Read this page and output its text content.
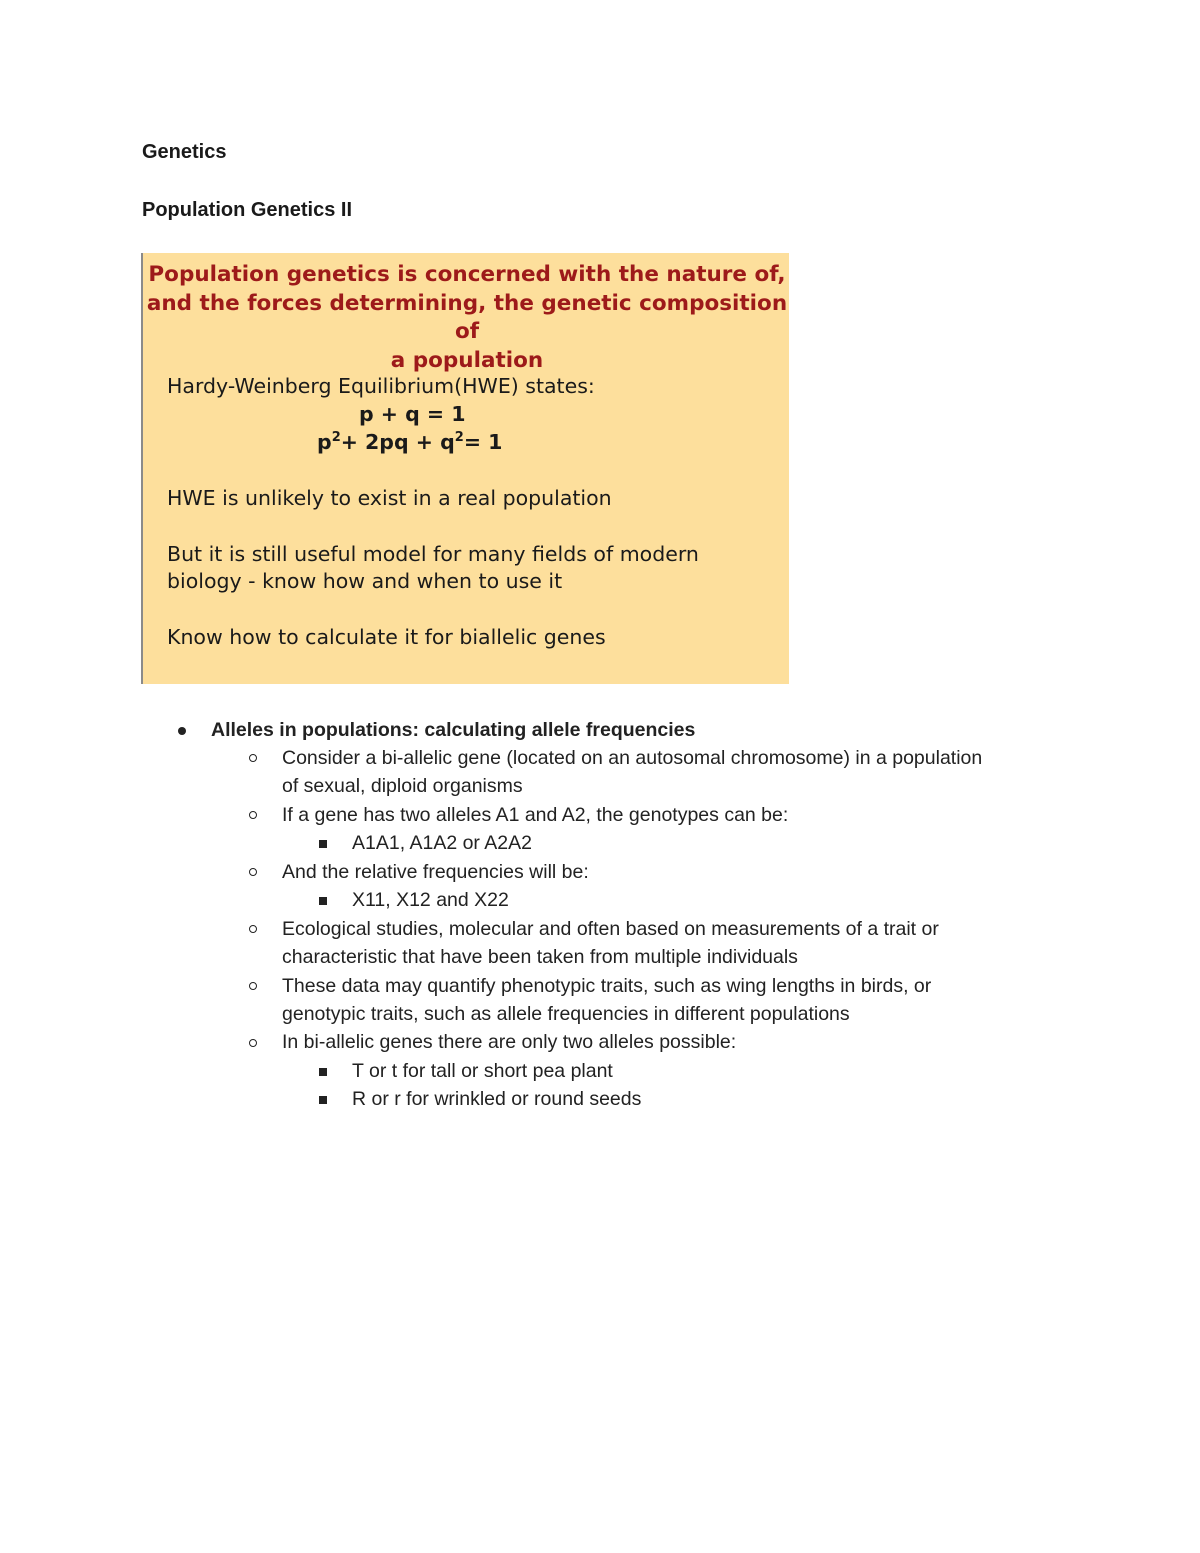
Genetics
Population Genetics II

Population genetics is concerned with the nature of,
and the forces determining, the genetic composition of
a population

Hardy-Weinberg Equilibrium(HWE) states:

p + q = 1

$p^2+ 2pq + q^2= 1$

HWE is unlikely to exist in a real population

But it is still useful model for many fields of modern

biology - know how and when to use it

Know how to calculate it for biallelic genes

Alleles in populations: calculating allele frequencies
Consider a bi-allelic gene (located on an autosomal chromosome) in a population
of sexual, diploid organisms
If a gene has two alleles A1 and A2, the genotypes can be:
A1A1, A1A2 or A2A2
And the relative frequencies will be:
X11, X12 and X22
Ecological studies, molecular and often based on measurements of a trait or
characteristic that have been taken from multiple individuals
These data may quantify phenotypic traits, such as wing lengths in birds, or
genotypic traits, such as allele frequencies in different populations
In bi-allelic genes there are only two alleles possible:
T or t for tall or short pea plant
R or r for wrinkled or round seeds
